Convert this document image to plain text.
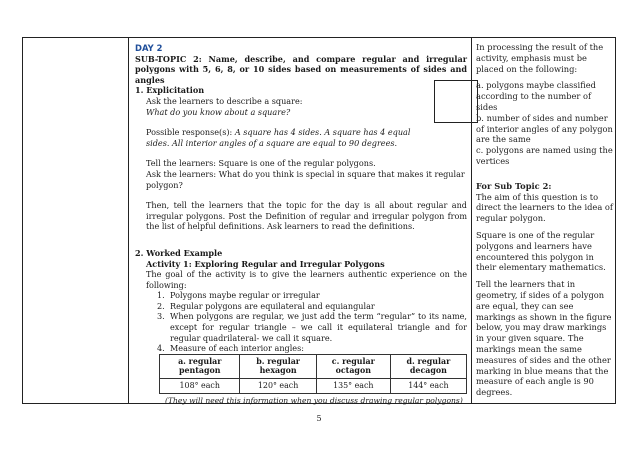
DAY 2

SUB-TOPIC 2: Name, describe, and compare regular and irregular polygons with 5, 6, 8, or 10 sides based on measurements of sides and angles

1. Explicitation

Ask the learners to describe a square:

What do you know about a square?

Possible response(s): A square has 4 sides. A square has 4 equal sides. All interior angles of a square are equal to 90 degrees.

Tell the learners: Square is one of the regular polygons.

Ask the learners: What do you think is special in square that makes it regular polygon?

Then, tell the learners that the topic for the day is all about regular and irregular polygons. Post the Definition of regular and irregular polygon from the list of helpful definitions. Ask learners to read the definitions.

2. Worked Example

Activity 1: Exploring Regular and Irregular Polygons

The goal of the activity is to give the learners authentic experience on the following:

1. Polygons maybe regular or irregular
2. Regular polygons are equilateral and equiangular
3. When polygons are regular, we just add the term “regular” to its name, except for regular triangle – we call it equilateral triangle and for regular quadrilateral- we call it square.
4. Measure of each interior angles:
a. regular pentagon	b. regular hexagon	c. regular octagon	d. regular decagon
108° each	120° each	135° each	144° each

(They will need this information when you discuss drawing regular polygons)

In processing the result of the activity, emphasis must be placed on the following:

a. polygons maybe classified according to the number of sides

b. number of sides and number of interior angles of any polygon are the same

c. polygons are named using the vertices

For Sub Topic 2:

The aim of this question is to direct the learners to the idea of regular polygon.

Square is one of the regular polygons and learners have encountered this polygon in their elementary mathematics.

Tell the learners that in geometry, if sides of a polygon are equal, they can see markings as shown in the figure below, you may draw markings in your given square. The markings mean the same measures of sides and the other marking in blue means that the measure of each angle is 90 degrees.

5
